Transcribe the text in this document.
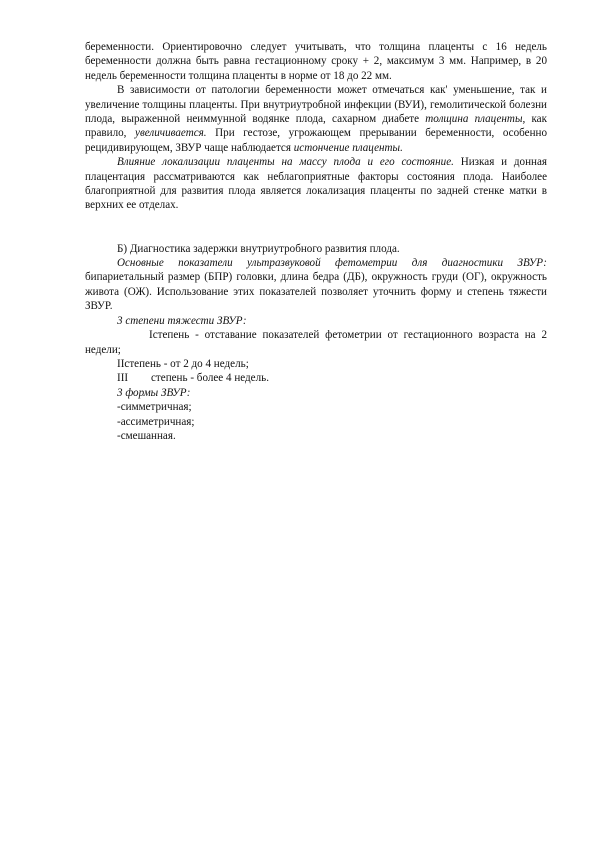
беременности. Ориентировочно следует учитывать, что толщина плаценты с 16 недель беременности должна быть равна гестационному сроку + 2, максимум 3 мм. Например, в 20 недель беременности толщина плаценты в норме от 18 до 22 мм.

В зависимости от патологии беременности может отмечаться как' уменьшение, так и увеличение толщины плаценты. При внутриутробной инфекции (ВУИ), гемолитической болезни плода, выраженной неиммунной водянке плода, сахарном диабете толщина плаценты, как правило, увеличивается. При гестозе, угрожающем прерывании беременности, особенно рецидивирующем, ЗВУР чаще наблюдается истончение плаценты.

Влияние локализации плаценты на массу плода и его состояние. Низкая и донная плацентация рассматриваются как неблагоприятные факторы состояния плода. Наиболее благоприятной для развития плода является локализация плаценты по задней стенке матки в верхних ее отделах.

Б) Диагностика задержки внутриутробного развития плода.

Основные показатели ультразвуковой фетометрии для диагностики ЗВУР: бипариетальный размер (БПР) головки, длина бедра (ДБ), окружность груди (ОГ), окружность живота (ОЖ). Использование этих показателей позволяет уточнить форму и степень тяжести ЗВУР.

3 степени тяжести ЗВУР:

Iстепень - отставание показателей фетометрии от гестационного возраста на 2 недели;

IIстепень - от 2 до 4 недель;

III степень - более 4 недель.

3 формы ЗВУР:

-симметричная;

-ассиметричная;

-смешанная.
